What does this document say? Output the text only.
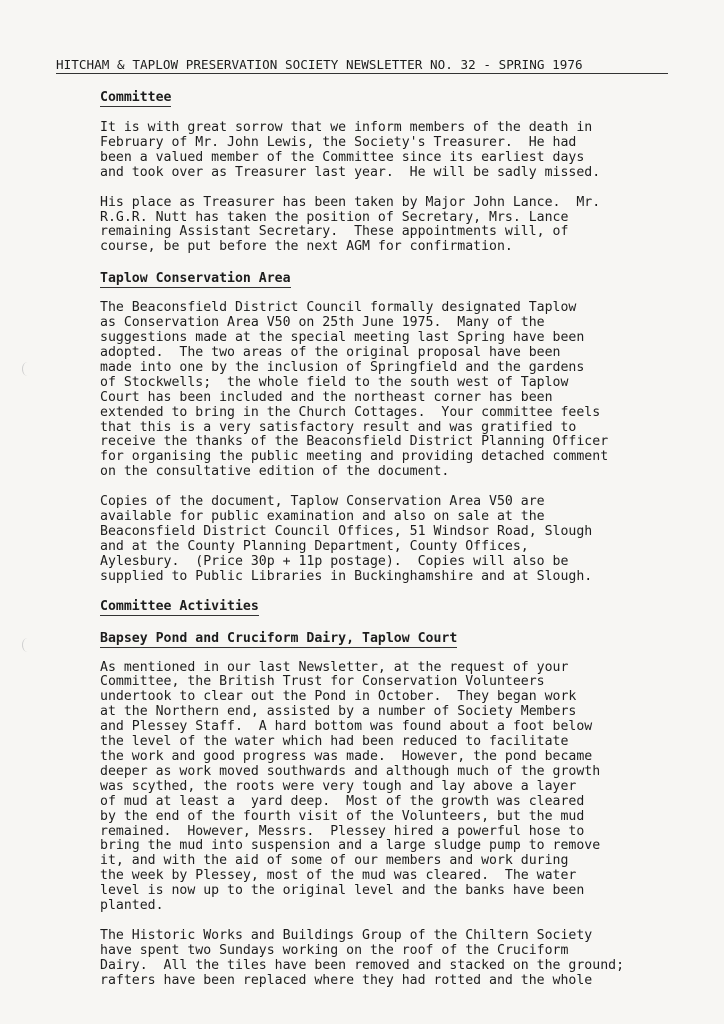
HITCHAM & TAPLOW PRESERVATION SOCIETY NEWSLETTER NO. 32 - SPRING 1976
Committee

It is with great sorrow that we inform members of the death in
February of Mr. John Lewis, the Society's Treasurer.  He had
been a valued member of the Committee since its earliest days
and took over as Treasurer last year.  He will be sadly missed.

His place as Treasurer has been taken by Major John Lance.  Mr.
R.G.R. Nutt has taken the position of Secretary, Mrs. Lance
remaining Assistant Secretary.  These appointments will, of
course, be put before the next AGM for confirmation.

Taplow Conservation Area

The Beaconsfield District Council formally designated Taplow
as Conservation Area V50 on 25th June 1975.  Many of the
suggestions made at the special meeting last Spring have been
adopted.  The two areas of the original proposal have been
made into one by the inclusion of Springfield and the gardens
of Stockwells;  the whole field to the south west of Taplow
Court has been included and the northeast corner has been
extended to bring in the Church Cottages.  Your committee feels
that this is a very satisfactory result and was gratified to
receive the thanks of the Beaconsfield District Planning Officer
for organising the public meeting and providing detached comment
on the consultative edition of the document.

Copies of the document, Taplow Conservation Area V50 are
available for public examination and also on sale at the
Beaconsfield District Council Offices, 51 Windsor Road, Slough
and at the County Planning Department, County Offices,
Aylesbury.  (Price 30p + 11p postage).  Copies will also be
supplied to Public Libraries in Buckinghamshire and at Slough.

Committee Activities
Bapsey Pond and Cruciform Dairy, Taplow Court

As mentioned in our last Newsletter, at the request of your
Committee, the British Trust for Conservation Volunteers
undertook to clear out the Pond in October.  They began work
at the Northern end, assisted by a number of Society Members
and Plessey Staff.  A hard bottom was found about a foot below
the level of the water which had been reduced to facilitate
the work and good progress was made.  However, the pond became
deeper as work moved southwards and although much of the growth
was scythed, the roots were very tough and lay above a layer
of mud at least a  yard deep.  Most of the growth was cleared
by the end of the fourth visit of the Volunteers, but the mud
remained.  However, Messrs.  Plessey hired a powerful hose to
bring the mud into suspension and a large sludge pump to remove
it, and with the aid of some of our members and work during
the week by Plessey, most of the mud was cleared.  The water
level is now up to the original level and the banks have been
planted.

The Historic Works and Buildings Group of the Chiltern Society
have spent two Sundays working on the roof of the Cruciform
Dairy.  All the tiles have been removed and stacked on the ground;
rafters have been replaced where they had rotted and the whole
